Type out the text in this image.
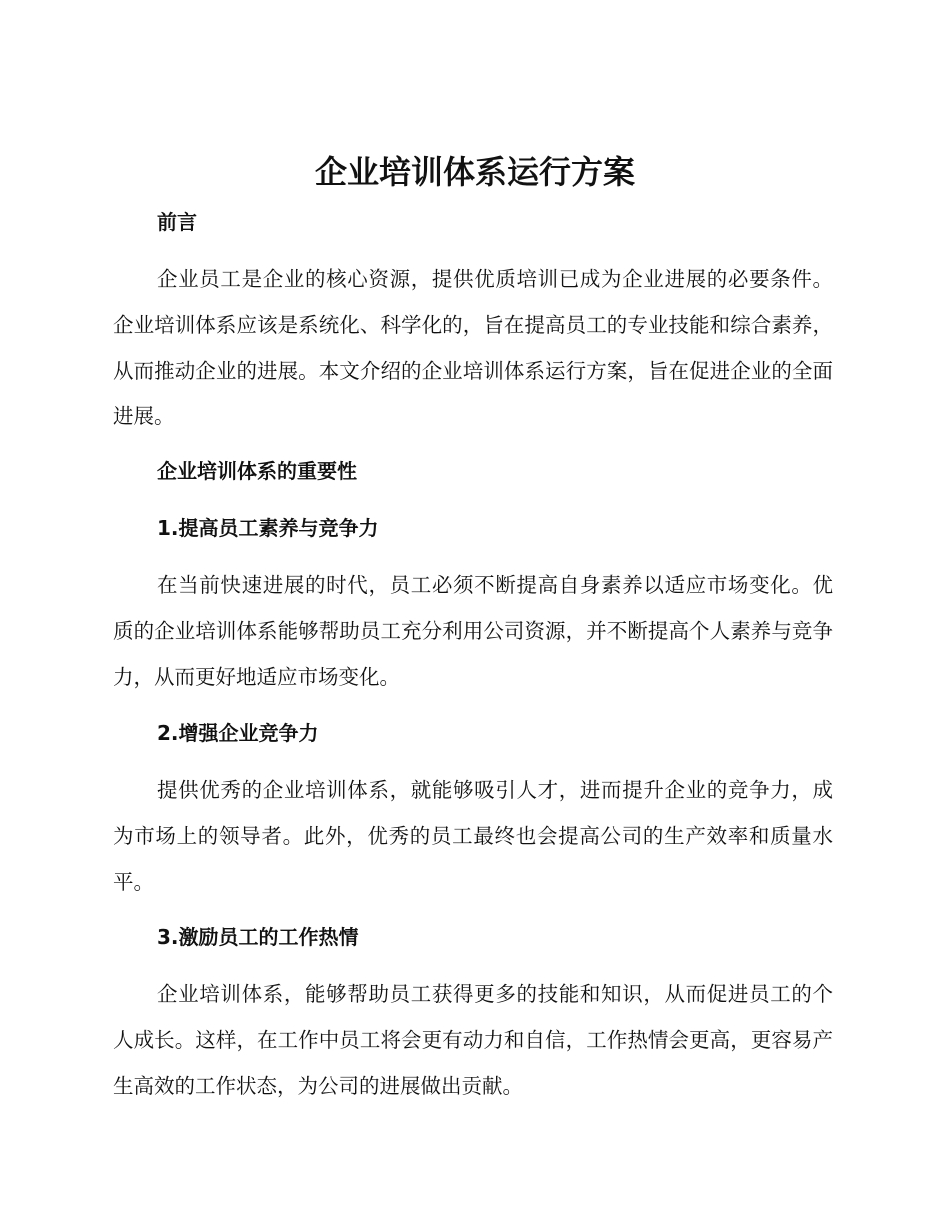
企业培训体系运行方案
前言

企业员工是企业的核心资源，提供优质培训已成为企业进展的必要条件。企业培训体系应该是系统化、科学化的，旨在提高员工的专业技能和综合素养，从而推动企业的进展。本文介绍的企业培训体系运行方案，旨在促进企业的全面进展。

企业培训体系的重要性
1.提高员工素养与竞争力

在当前快速进展的时代，员工必须不断提高自身素养以适应市场变化。优质的企业培训体系能够帮助员工充分利用公司资源，并不断提高个人素养与竞争力，从而更好地适应市场变化。

2.增强企业竞争力

提供优秀的企业培训体系，就能够吸引人才，进而提升企业的竞争力，成为市场上的领导者。此外，优秀的员工最终也会提高公司的生产效率和质量水平。

3.激励员工的工作热情

企业培训体系，能够帮助员工获得更多的技能和知识，从而促进员工的个人成长。这样，在工作中员工将会更有动力和自信，工作热情会更高，更容易产生高效的工作状态，为公司的进展做出贡献。
